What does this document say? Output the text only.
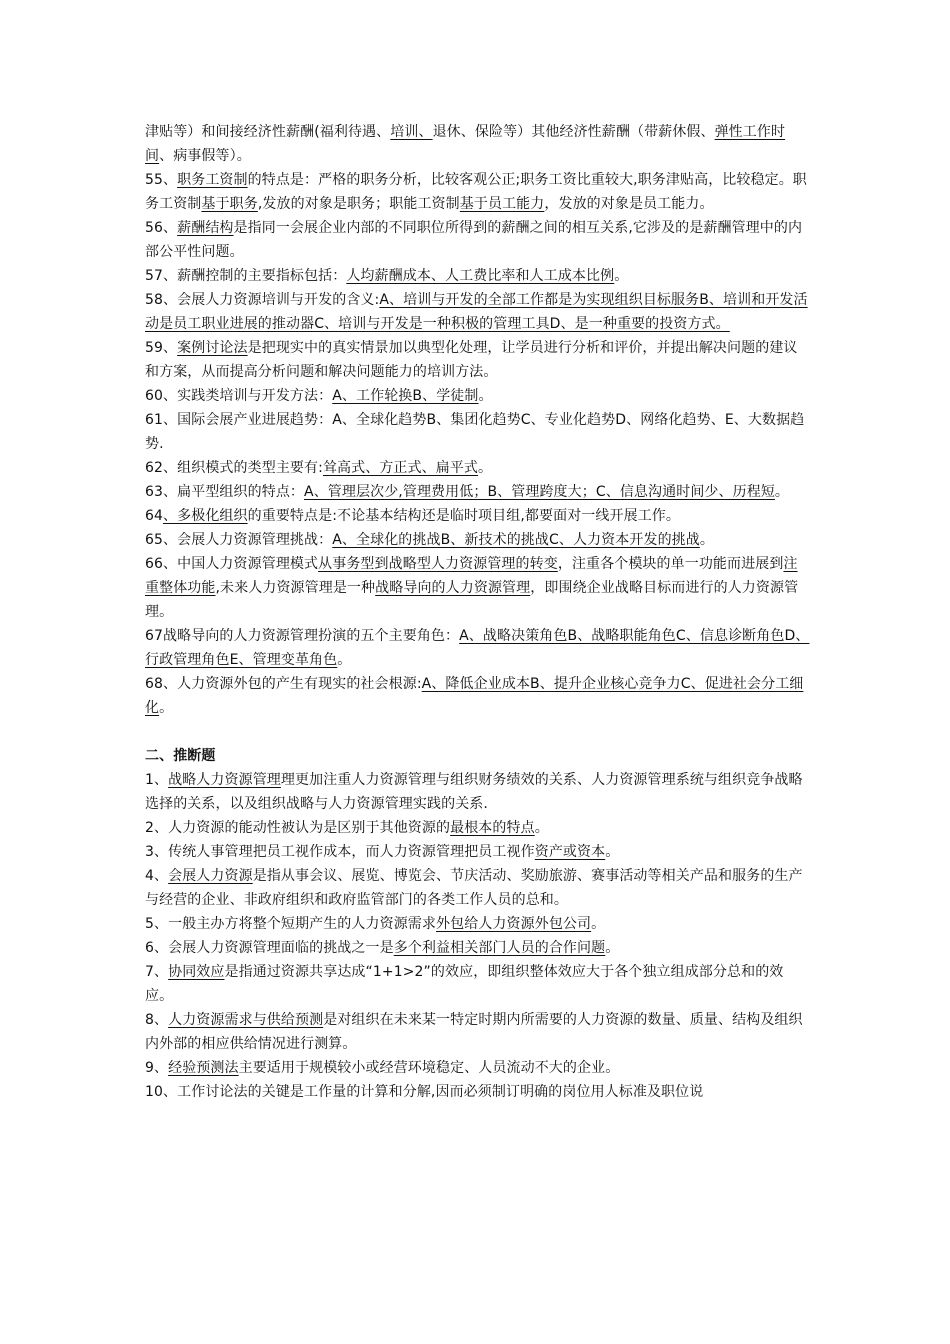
津贴等）和间接经济性薪酬(福利待遇、培训、退休、保险等）其他经济性薪酬（带薪休假、弹性工作时间、病事假等）。

55、职务工资制的特点是：严格的职务分析，比较客观公正;职务工资比重较大,职务津贴高，比较稳定。职务工资制基于职务,发放的对象是职务；职能工资制基于员工能力，发放的对象是员工能力。

56、薪酬结构是指同一会展企业内部的不同职位所得到的薪酬之间的相互关系,它涉及的是薪酬管理中的内部公平性问题。

57、薪酬控制的主要指标包括：人均薪酬成本、人工费比率和人工成本比例。

58、会展人力资源培训与开发的含义:A、培训与开发的全部工作都是为实现组织目标服务B、培训和开发活动是员工职业进展的推动器C、培训与开发是一种积极的管理工具D、是一种重要的投资方式。

59、案例讨论法是把现实中的真实情景加以典型化处理，让学员进行分析和评价，并提出解决问题的建议和方案，从而提高分析问题和解决问题能力的培训方法。

60、实践类培训与开发方法：A、工作轮换B、学徒制。

61、国际会展产业进展趋势：A、全球化趋势B、集团化趋势C、专业化趋势D、网络化趋势、E、大数据趋势.

62、组织模式的类型主要有:耸高式、方正式、扁平式。

63、扁平型组织的特点：A、管理层次少,管理费用低；B、管理跨度大；C、信息沟通时间少、历程短。

64、多极化组织的重要特点是:不论基本结构还是临时项目组,都要面对一线开展工作。

65、会展人力资源管理挑战：A、全球化的挑战B、新技术的挑战C、人力资本开发的挑战。

66、中国人力资源管理模式从事务型到战略型人力资源管理的转变，注重各个模块的单一功能而进展到注重整体功能,未来人力资源管理是一种战略导向的人力资源管理，即围绕企业战略目标而进行的人力资源管理。

67战略导向的人力资源管理扮演的五个主要角色：A、战略决策角色B、战略职能角色C、信息诊断角色D、行政管理角色E、管理变革角色。

68、人力资源外包的产生有现实的社会根源:A、降低企业成本B、提升企业核心竞争力C、促进社会分工细化。

二、推断题

1、战略人力资源管理理更加注重人力资源管理与组织财务绩效的关系、人力资源管理系统与组织竞争战略选择的关系，以及组织战略与人力资源管理实践的关系.

2、人力资源的能动性被认为是区别于其他资源的最根本的特点。

3、传统人事管理把员工视作成本，而人力资源管理把员工视作资产或资本。

4、会展人力资源是指从事会议、展览、博览会、节庆活动、奖励旅游、赛事活动等相关产品和服务的生产与经营的企业、非政府组织和政府监管部门的各类工作人员的总和。

5、一般主办方将整个短期产生的人力资源需求外包给人力资源外包公司。

6、会展人力资源管理面临的挑战之一是多个利益相关部门人员的合作问题。

7、协同效应是指通过资源共享达成“1+1>2”的效应，即组织整体效应大于各个独立组成部分总和的效应。

8、人力资源需求与供给预测是对组织在未来某一特定时期内所需要的人力资源的数量、质量、结构及组织内外部的相应供给情况进行测算。

9、经验预测法主要适用于规模较小或经营环境稳定、人员流动不大的企业。

10、工作讨论法的关键是工作量的计算和分解,因而必须制订明确的岗位用人标准及职位说
